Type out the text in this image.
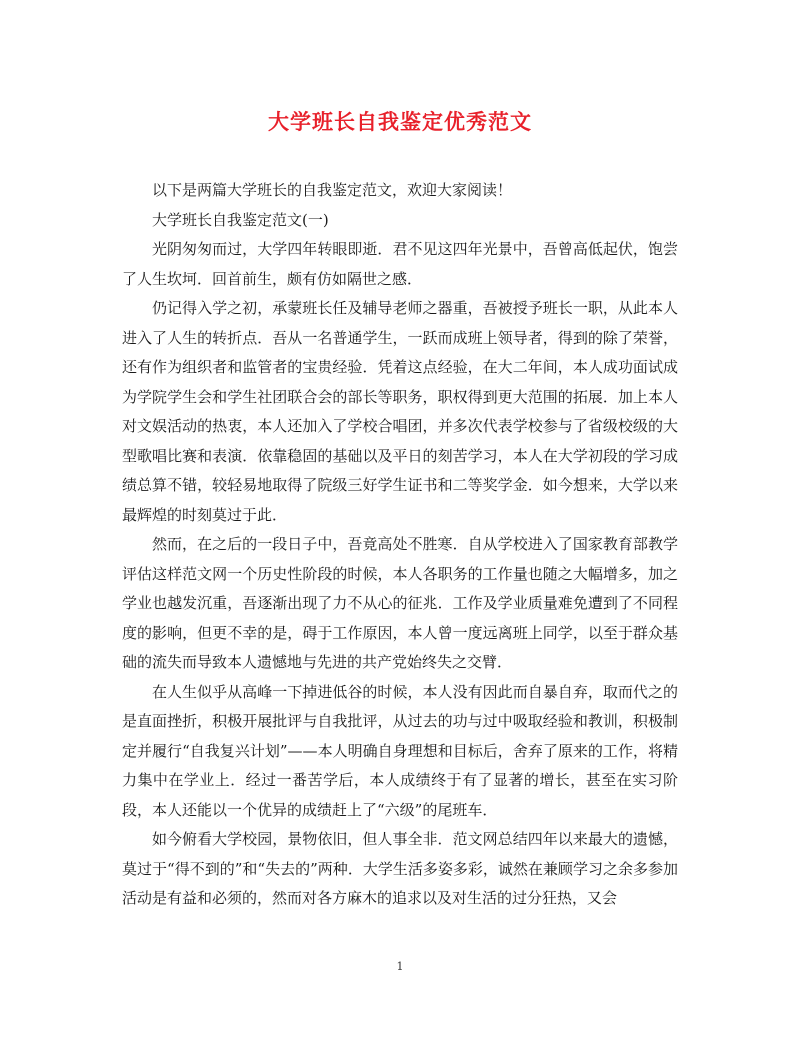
大学班长自我鉴定优秀范文

以下是两篇大学班长的自我鉴定范文，欢迎大家阅读！

大学班长自我鉴定范文(一)

光阴匆匆而过，大学四年转眼即逝．君不见这四年光景中，吾曾高低起伏，饱尝了人生坎坷．回首前生，颇有仿如隔世之感．

仍记得入学之初，承蒙班长任及辅导老师之器重，吾被授予班长一职，从此本人进入了人生的转折点．吾从一名普通学生，一跃而成班上领导者，得到的除了荣誉，还有作为组织者和监管者的宝贵经验．凭着这点经验，在大二年间，本人成功面试成为学院学生会和学生社团联合会的部长等职务，职权得到更大范围的拓展．加上本人对文娱活动的热衷，本人还加入了学校合唱团，并多次代表学校参与了省级校级的大型歌唱比赛和表演．依靠稳固的基础以及平日的刻苦学习，本人在大学初段的学习成绩总算不错，较轻易地取得了院级三好学生证书和二等奖学金．如今想来，大学以来最辉煌的时刻莫过于此．

然而，在之后的一段日子中，吾竟高处不胜寒．自从学校进入了国家教育部教学评估这样范文网一个历史性阶段的时候，本人各职务的工作量也随之大幅增多，加之学业也越发沉重，吾逐渐出现了力不从心的征兆．工作及学业质量难免遭到了不同程度的影响，但更不幸的是，碍于工作原因，本人曾一度远离班上同学，以至于群众基础的流失而导致本人遗憾地与先进的共产党始终失之交臂．

在人生似乎从高峰一下掉进低谷的时候，本人没有因此而自暴自弃，取而代之的是直面挫折，积极开展批评与自我批评，从过去的功与过中吸取经验和教训，积极制定并履行“自我复兴计划”——本人明确自身理想和目标后，舍弃了原来的工作，将精力集中在学业上．经过一番苦学后，本人成绩终于有了显著的增长，甚至在实习阶段，本人还能以一个优异的成绩赶上了“六级”的尾班车．

如今俯看大学校园，景物依旧，但人事全非．范文网总结四年以来最大的遗憾，莫过于“得不到的”和“失去的”两种．大学生活多姿多彩，诚然在兼顾学习之余多参加活动是有益和必须的，然而对各方麻木的追求以及对生活的过分狂热，又会

1
